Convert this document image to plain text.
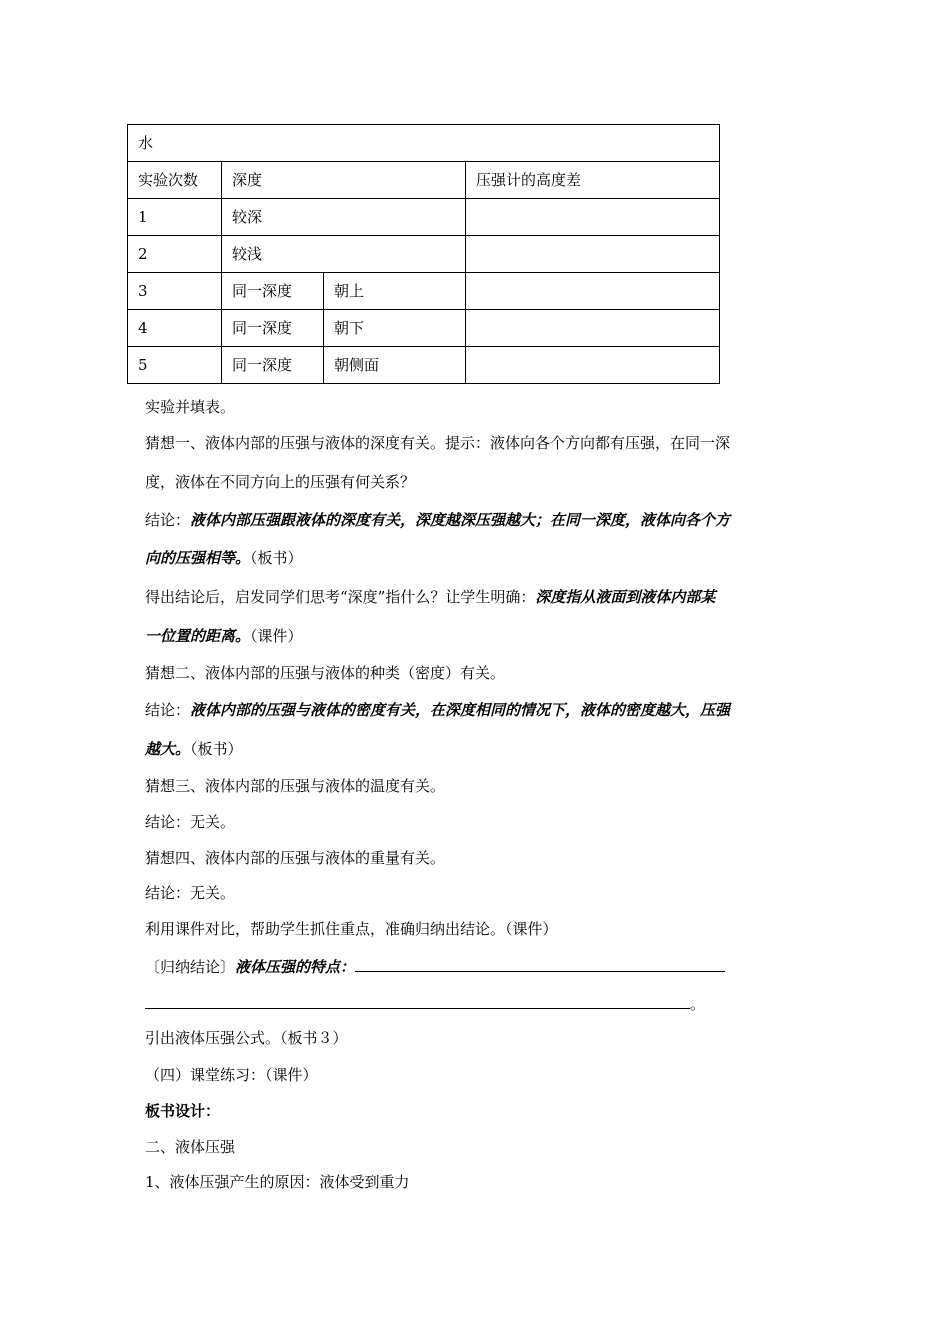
水			
实验次数	深度		压强计的高度差
1	较深		
2	较浅		
3	同一深度	朝上	
4	同一深度	朝下	
5	同一深度	朝侧面	
实验并填表。
猜想一、液体内部的压强与液体的深度有关。提示：液体向各个方向都有压强，在同一深
度，液体在不同方向上的压强有何关系？
结论：液体内部压强跟液体的深度有关，深度越深压强越大；在同一深度，液体向各个方
向的压强相等。（板书）
得出结论后，启发同学们思考“深度”指什么？让学生明确：深度指从液面到液体内部某
一位置的距离。（课件）
猜想二、液体内部的压强与液体的种类（密度）有关。
结论：液体内部的压强与液体的密度有关，在深度相同的情况下，液体的密度越大，压强
越大。（板书）
猜想三、液体内部的压强与液体的温度有关。
结论：无关。
猜想四、液体内部的压强与液体的重量有关。
结论：无关。
利用课件对比，帮助学生抓住重点，准确归纳出结论。（课件）
〔归纳结论〕液体压强的特点：
。
引出液体压强公式。（板书３）
（四）课堂练习：（课件）
板书设计：
二、液体压强
1、液体压强产生的原因：液体受到重力
